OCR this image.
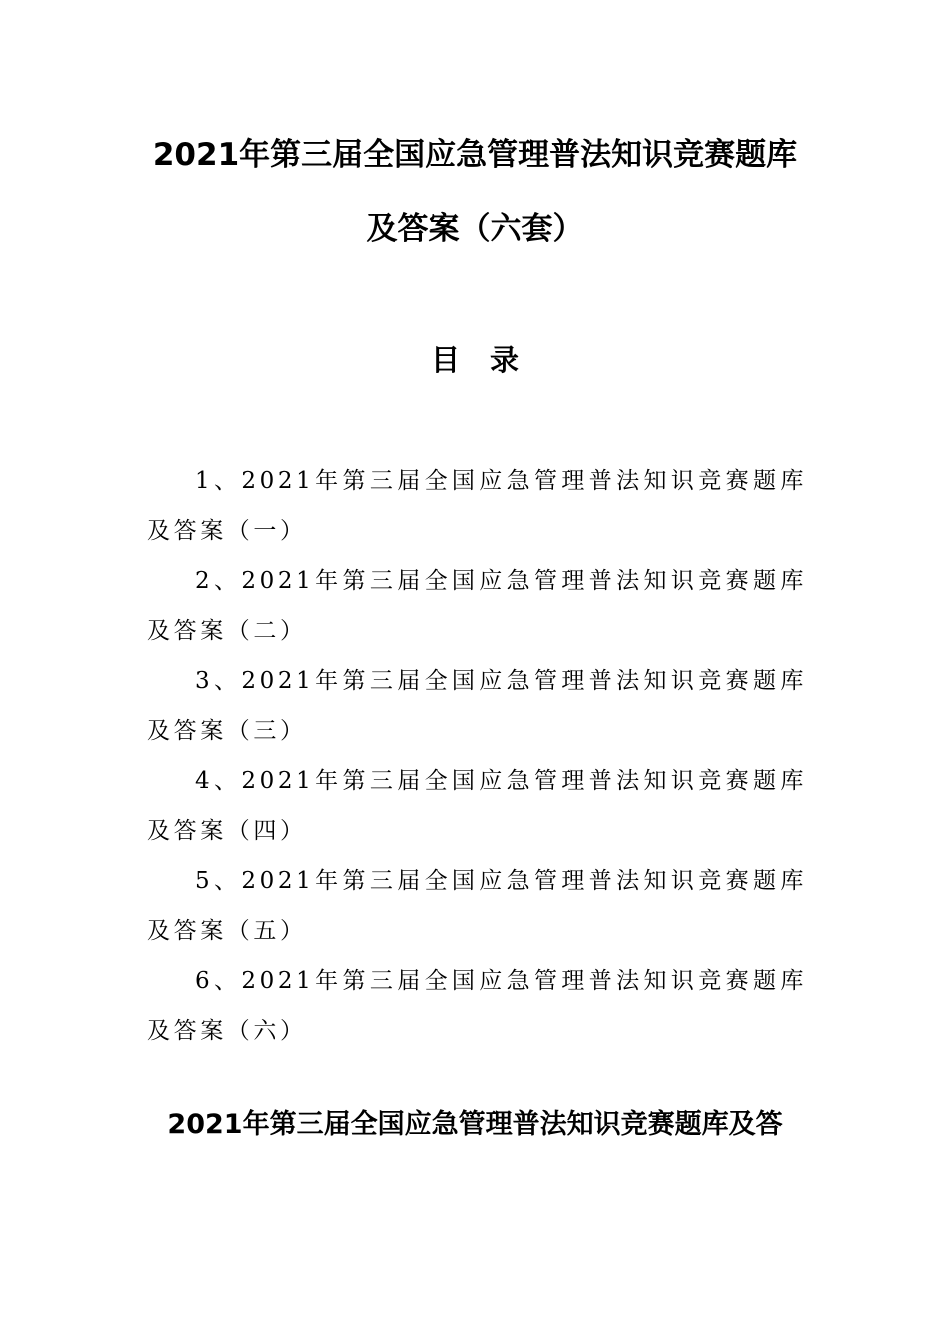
2021年第三届全国应急管理普法知识竞赛题库
及答案（六套）
目录
1、2021年第三届全国应急管理普法知识竞赛题库及答案（一）
2、2021年第三届全国应急管理普法知识竞赛题库及答案（二）
3、2021年第三届全国应急管理普法知识竞赛题库及答案（三）
4、2021年第三届全国应急管理普法知识竞赛题库及答案（四）
5、2021年第三届全国应急管理普法知识竞赛题库及答案（五）
6、2021年第三届全国应急管理普法知识竞赛题库及答案（六）
2021年第三届全国应急管理普法知识竞赛题库及答
